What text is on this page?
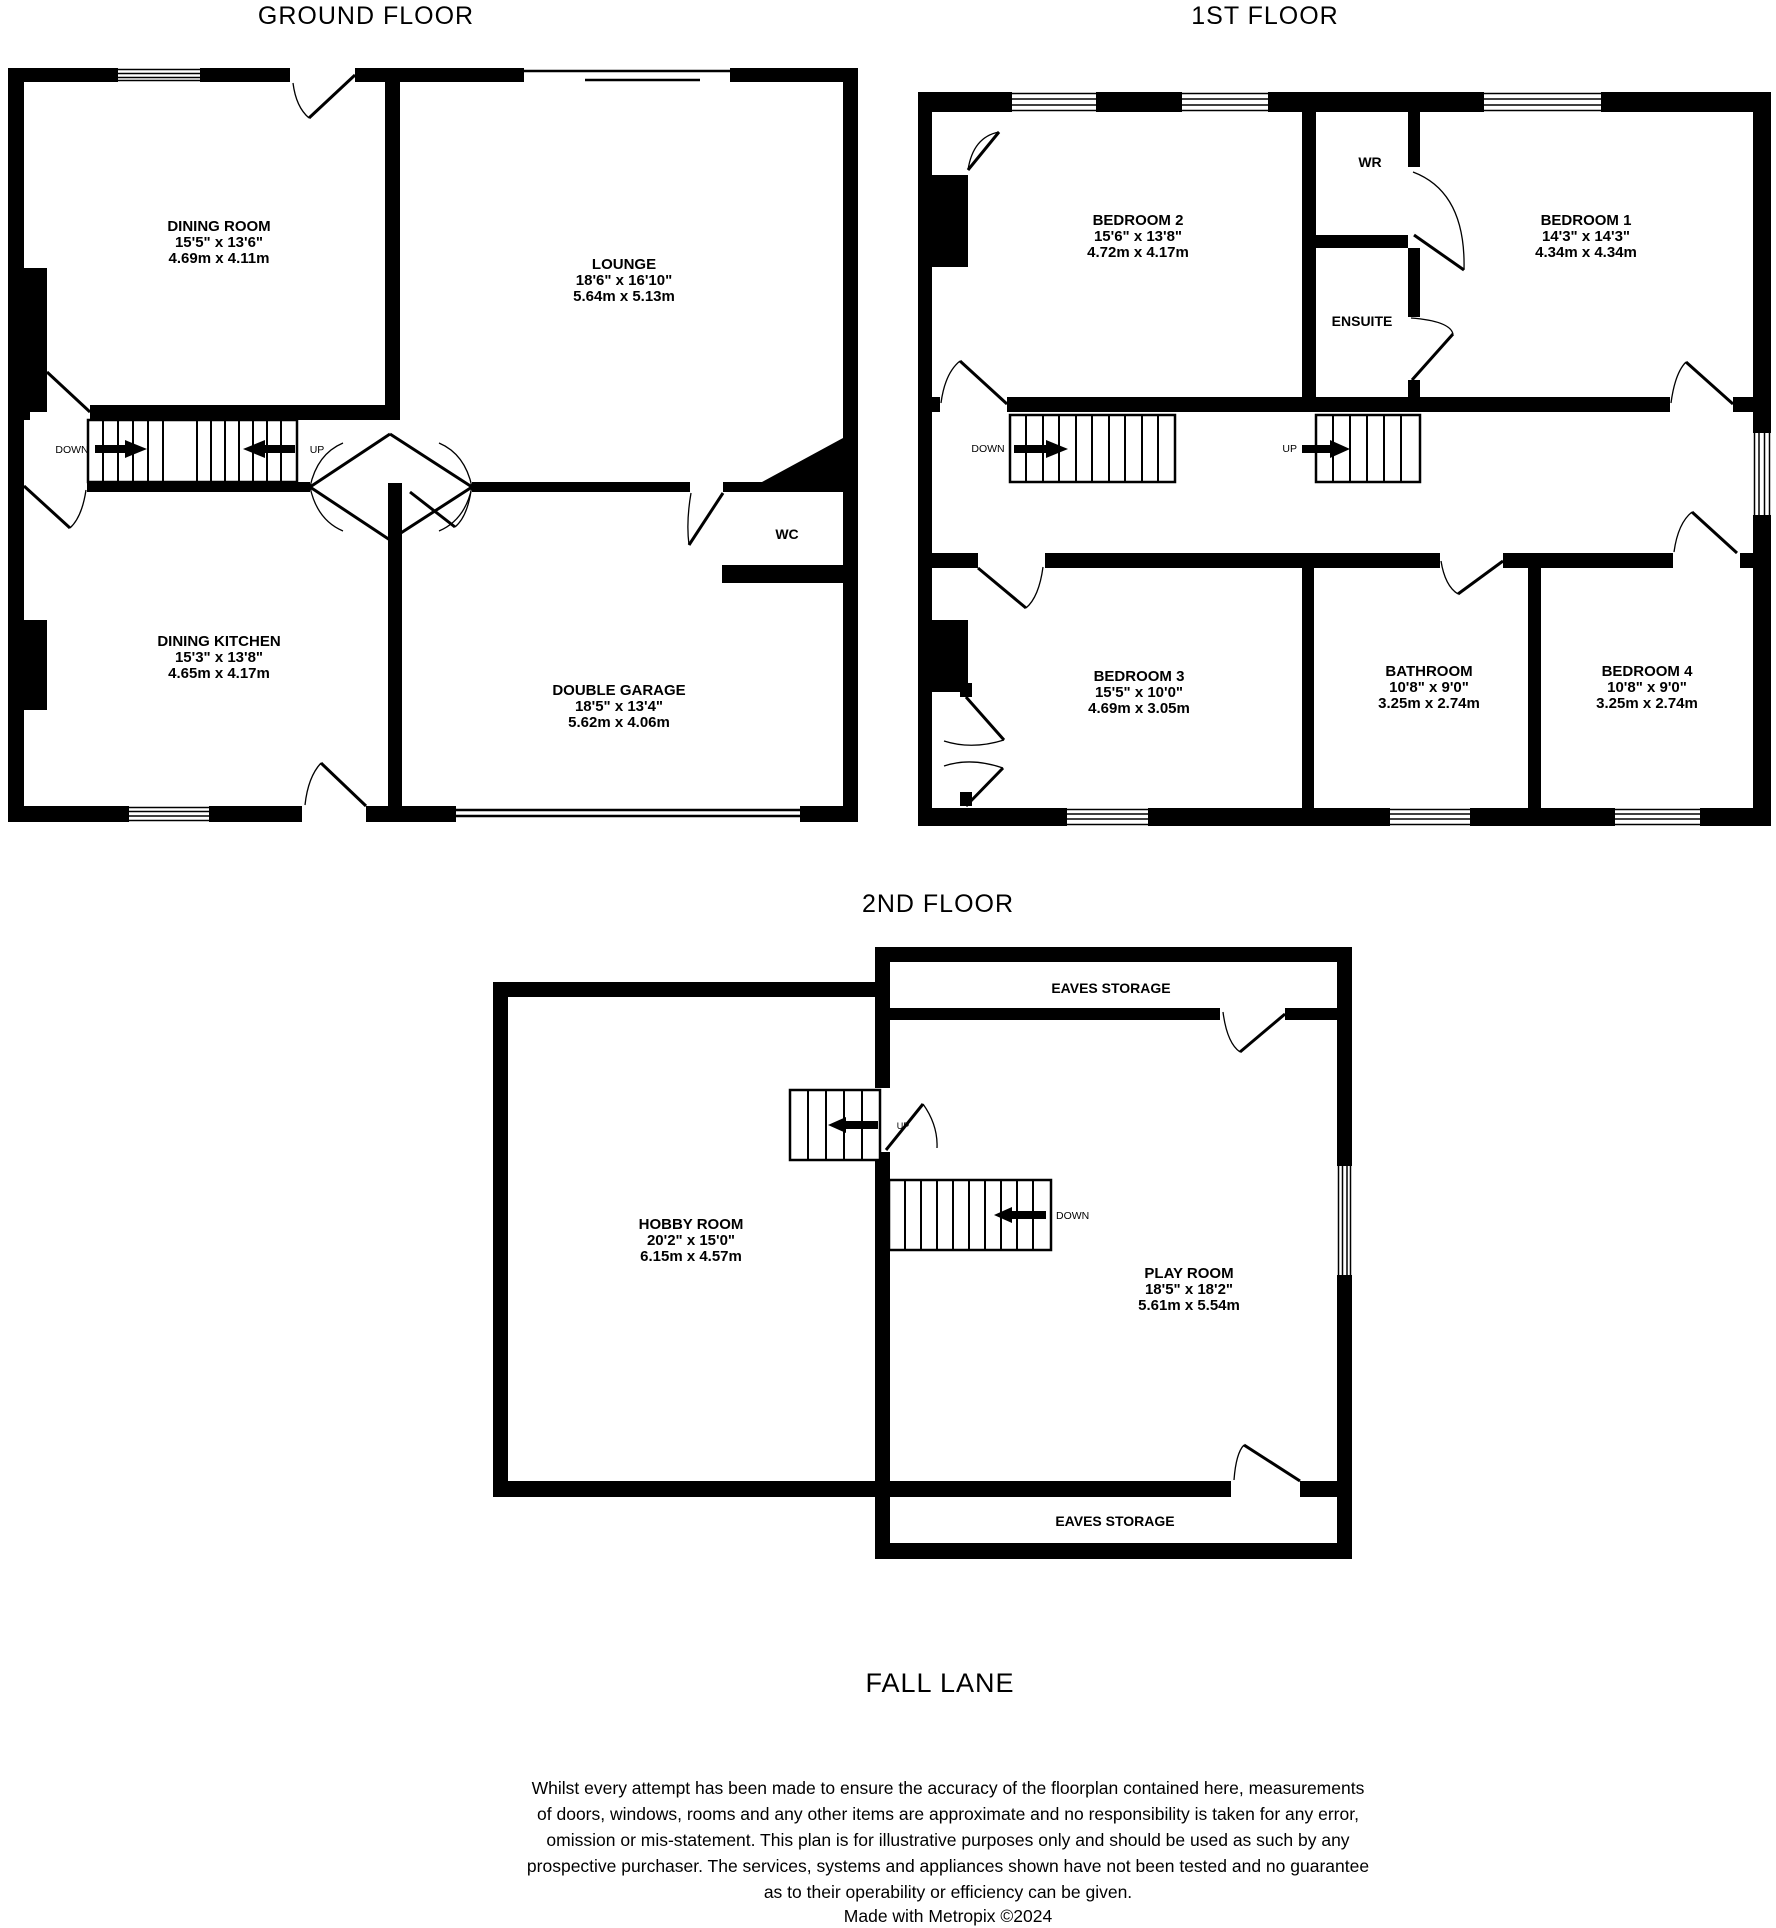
GROUND FLOOR
DOWN	UP
DINING ROOM
15'5" x 13'6"
4.69m x 4.11m	LOUNGE
18'6" x 16'10"
5.64m x 5.13m
DINING KITCHEN
15'3" x 13'8"
4.65m x 4.17m
DOUBLE GARAGE
18'5" x 13'4"
5.62m x 4.06m
WC
1ST FLOOR
DOWN	UP
BEDROOM 2
15'6" x 13'8"
4.72m x 4.17m
BEDROOM 1
14'3" x 14'3"
4.34m x 4.34m
WR
ENSUITE
BEDROOM 3
15'5" x 10'0"
4.69m x 3.05m
BATHROOM
10'8" x 9'0"
3.25m x 2.74m
BEDROOM 4
10'8" x 9'0"
3.25m x 2.74m
2ND FLOOR
UP
DOWN
EAVES STORAGE
HOBBY ROOM
20'2" x 15'0"
6.15m x 4.57m
PLAY ROOM
18'5" x 18'2"
5.61m x 5.54m
EAVES STORAGE
FALL LANE
Whilst every attempt has been made to ensure the accuracy of the floorplan contained here, measurements
of doors, windows, rooms and any other items are approximate and no responsibility is taken for any error,
omission or mis-statement. This plan is for illustrative purposes only and should be used as such by any
prospective purchaser. The services, systems and appliances shown have not been tested and no guarantee
as to their operability or efficiency can be given.
Made with Metropix ©2024
